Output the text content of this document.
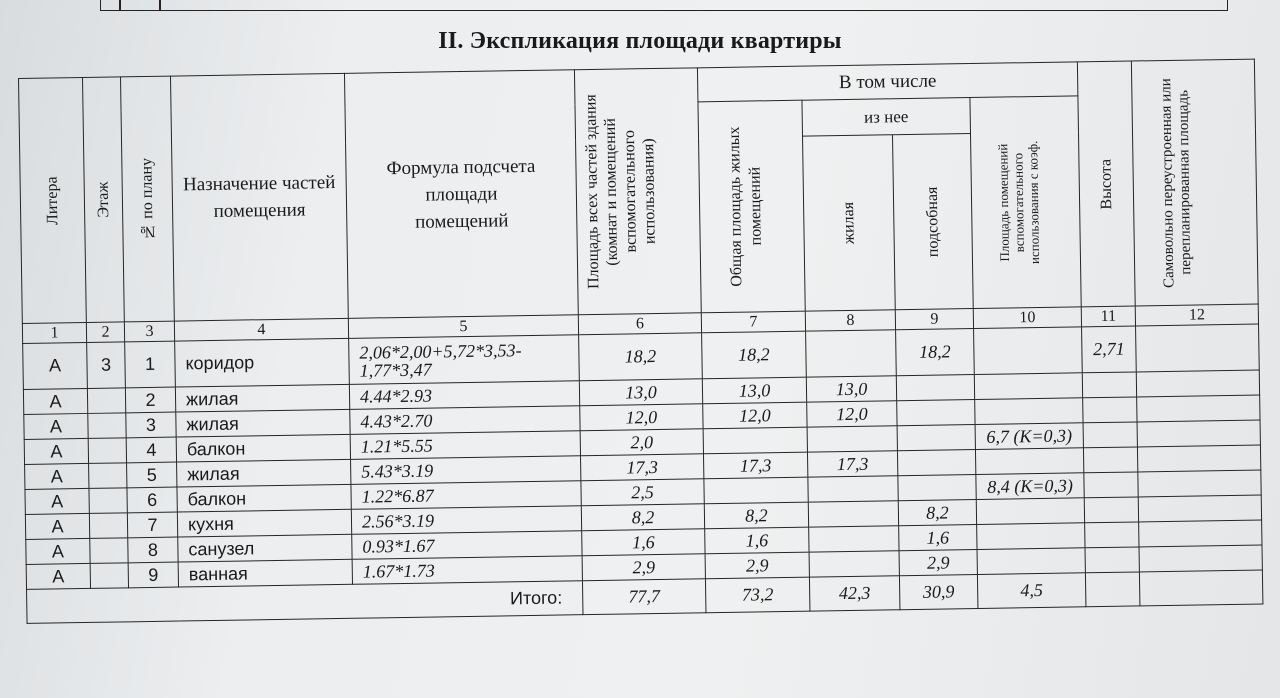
II. Экспликация площади квартиры
Литера	Этаж	№ по плану	Назначение частей помещения	Формула подсчета площади помещений	Площадь всех частей здания (комнат и помещений вспомогательного использования)	В том числе				Высота	Самовольно переустроенная или перепланированная площадь

						Общая площадь жилых помещений	из нее		Площадь помещений вспомогательного использования с коэф.		

							жилая	подсобная			

1	2	3	4	5	6	7	8	9	10	11	12
А	3	1	коридор	2,06*2,00+5,72*3,53-1,77*3,47	18,2	18,2		18,2		2,71	
А		2	жилая	4.44*2.93	13,0	13,0	13,0				
А		3	жилая	4.43*2.70	12,0	12,0	12,0				
А		4	балкон	1.21*5.55	2,0				6,7 (K=0,3)		
А		5	жилая	5.43*3.19	17,3	17,3	17,3				
А		6	балкон	1.22*6.87	2,5				8,4 (K=0,3)		
А		7	кухня	2.56*3.19	8,2	8,2		8,2			
А		8	санузел	0.93*1.67	1,6	1,6		1,6			
А		9	ванная	1.67*1.73	2,9	2,9		2,9			
Итого:					77,7	73,2	42,3	30,9	4,5		
